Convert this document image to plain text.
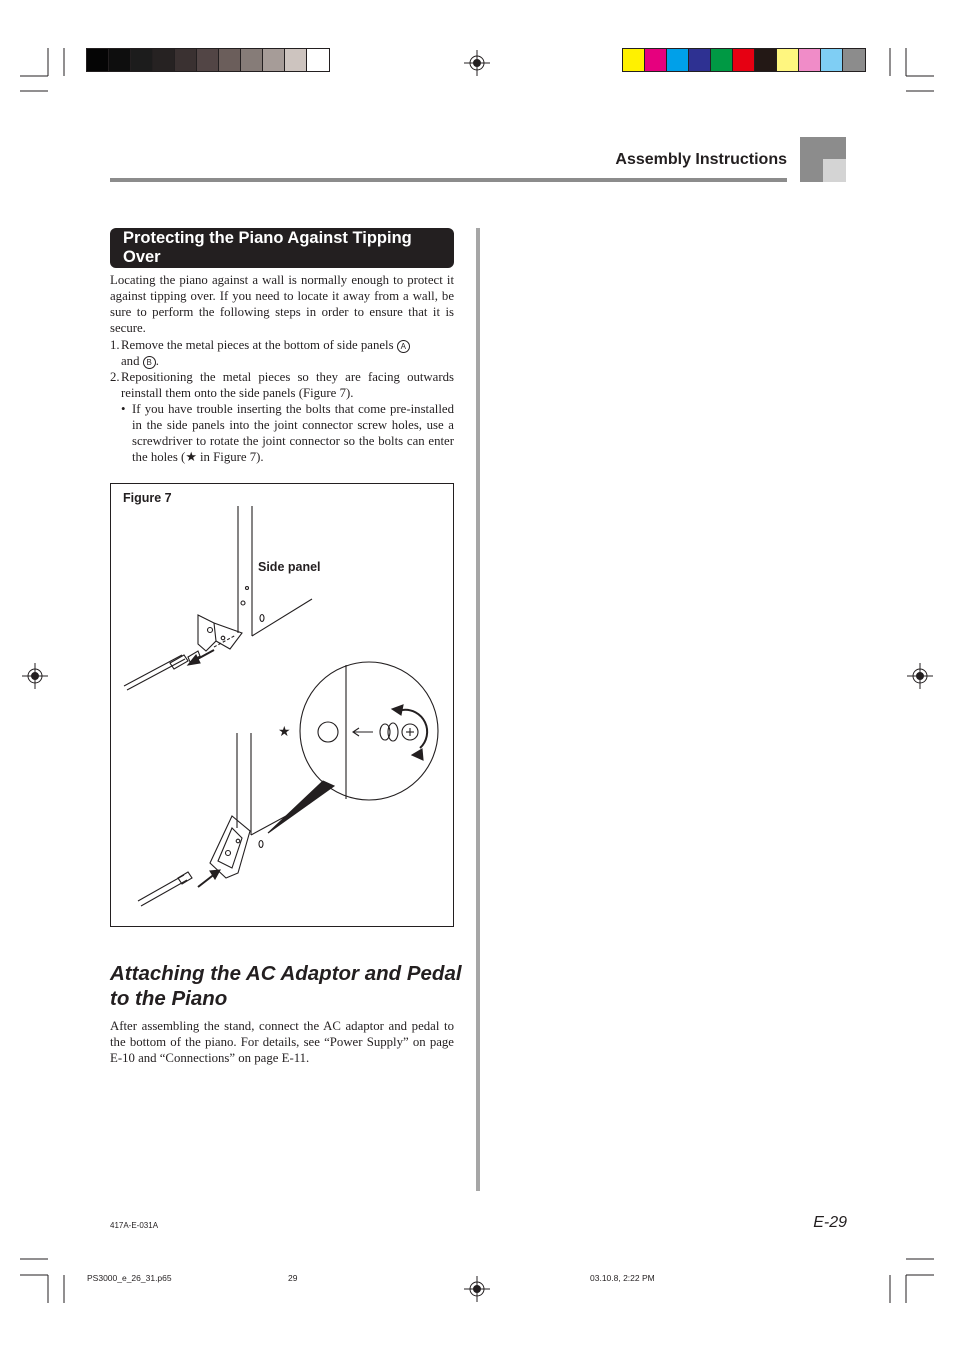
Assembly Instructions
Protecting the Piano Against Tipping Over
Locating the piano against a wall is normally enough to protect it against tipping over. If you need to locate it away from a wall, be sure to perform the following steps in order to ensure that it is secure.
1. Remove the metal pieces at the bottom of side panels A
and B .
2. Repositioning the metal pieces so they are facing outwards reinstall them onto the side panels (Figure 7).
• If you have trouble inserting the bolts that come pre-installed in the side panels into the joint connector screw holes, use a screwdriver to rotate the joint connector so the bolts can enter the holes (★ in Figure 7).
Figure 7
Side panel
★
Attaching the AC Adaptor and Pedal to the Piano
After assembling the stand, connect the AC adaptor and pedal to the bottom of the piano. For details, see “Power Supply” on page E-10 and “Connections” on page E-11.
E-29
417A-E-031A
PS3000_e_26_31.p65	29	03.10.8, 2:22 PM
